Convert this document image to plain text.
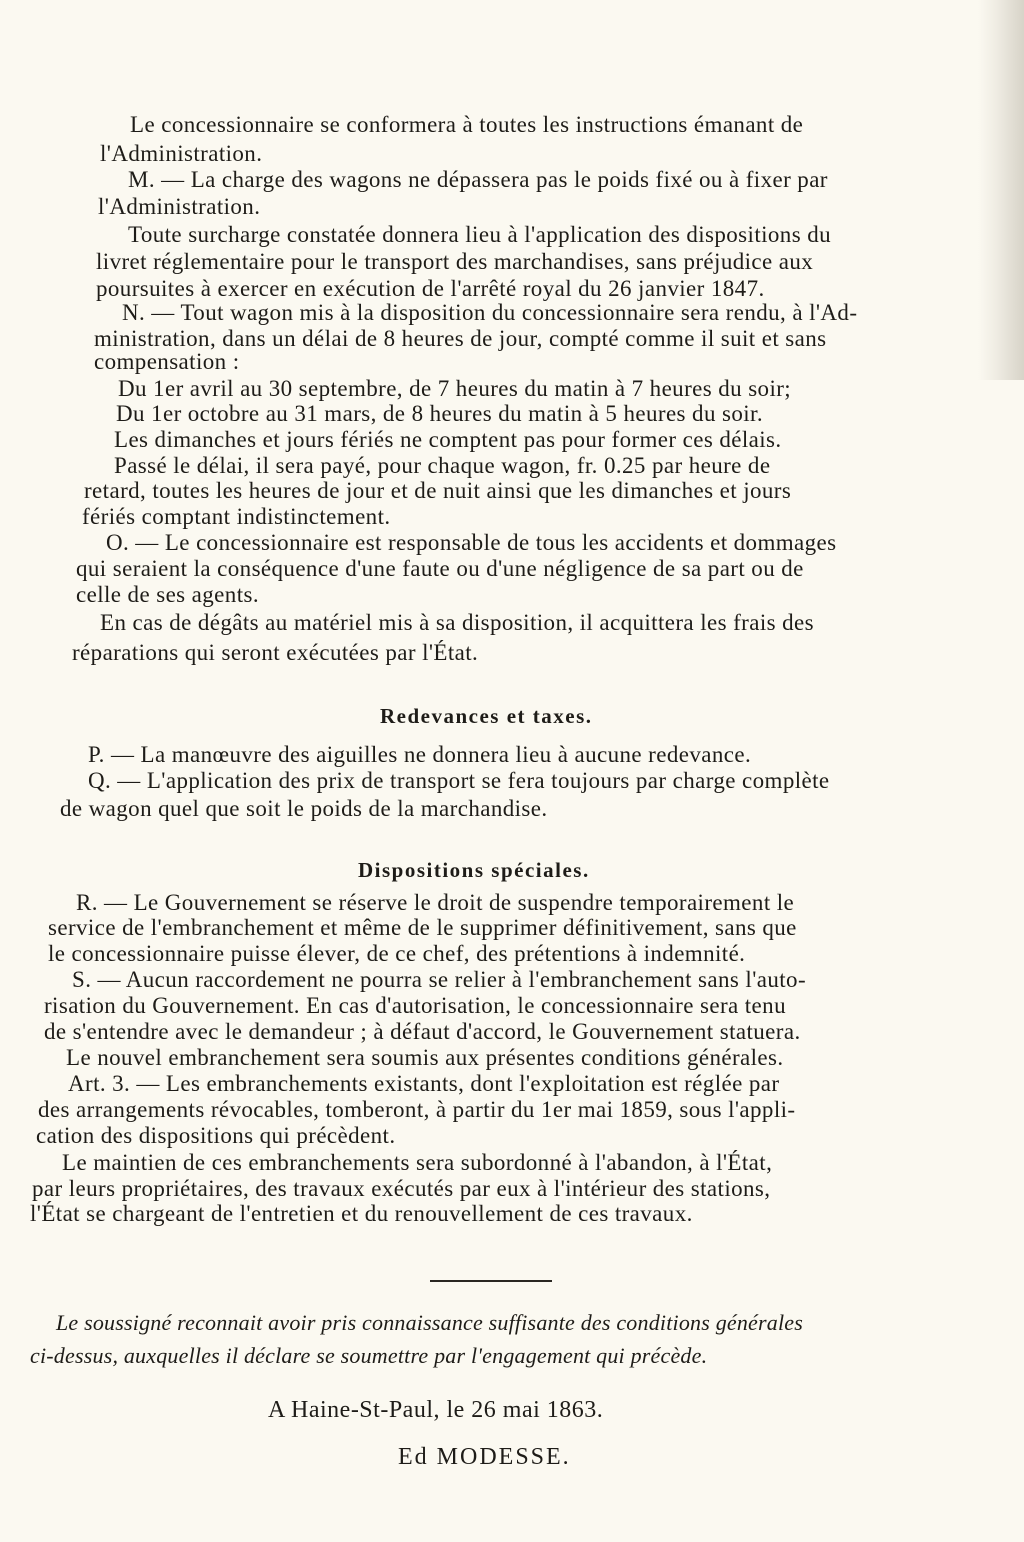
Le concessionnaire se conformera à toutes les instructions émanant de
l'Administration.
M. — La charge des wagons ne dépassera pas le poids fixé ou à fixer par
l'Administration.
Toute surcharge constatée donnera lieu à l'application des dispositions du
livret réglementaire pour le transport des marchandises, sans préjudice aux
poursuites à exercer en exécution de l'arrêté royal du 26 janvier 1847.
N. — Tout wagon mis à la disposition du concessionnaire sera rendu, à l'Ad-
ministration, dans un délai de 8 heures de jour, compté comme il suit et sans
compensation :
Du 1er avril au 30 septembre, de 7 heures du matin à 7 heures du soir;
Du 1er octobre au 31 mars, de 8 heures du matin à 5 heures du soir.
Les dimanches et jours fériés ne comptent pas pour former ces délais.
Passé le délai, il sera payé, pour chaque wagon, fr. 0.25 par heure de
retard, toutes les heures de jour et de nuit ainsi que les dimanches et jours
fériés comptant indistinctement.
O. — Le concessionnaire est responsable de tous les accidents et dommages
qui seraient la conséquence d'une faute ou d'une négligence de sa part ou de
celle de ses agents.
En cas de dégâts au matériel mis à sa disposition, il acquittera les frais des
réparations qui seront exécutées par l'État.
Redevances et taxes.
P. — La manœuvre des aiguilles ne donnera lieu à aucune redevance.
Q. — L'application des prix de transport se fera toujours par charge complète
de wagon quel que soit le poids de la marchandise.
Dispositions spéciales.
R. — Le Gouvernement se réserve le droit de suspendre temporairement le
service de l'embranchement et même de le supprimer définitivement, sans que
le concessionnaire puisse élever, de ce chef, des prétentions à indemnité.
S. — Aucun raccordement ne pourra se relier à l'embranchement sans l'auto-
risation du Gouvernement. En cas d'autorisation, le concessionnaire sera tenu
de s'entendre avec le demandeur ; à défaut d'accord, le Gouvernement statuera.
Le nouvel embranchement sera soumis aux présentes conditions générales.
Art. 3. — Les embranchements existants, dont l'exploitation est réglée par
des arrangements révocables, tomberont, à partir du 1er mai 1859, sous l'appli-
cation des dispositions qui précèdent.
Le maintien de ces embranchements sera subordonné à l'abandon, à l'État,
par leurs propriétaires, des travaux exécutés par eux à l'intérieur des stations,
l'État se chargeant de l'entretien et du renouvellement de ces travaux.
Le soussigné reconnait avoir pris connaissance suffisante des conditions générales
ci-dessus, auxquelles il déclare se soumettre par l'engagement qui précède.
A Haine-St-Paul, le 26 mai 1863.
Ed MODESSE.
